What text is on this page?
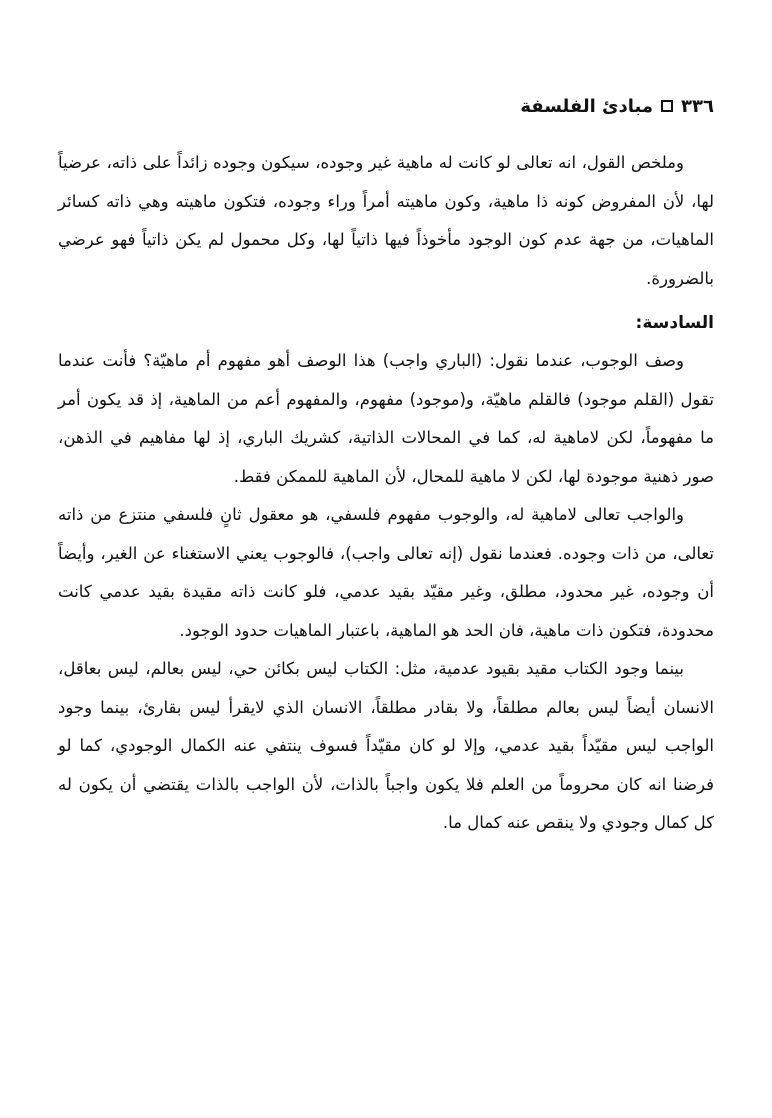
٣٣٦
مبادئ الفلسفة

وملخص القول، انه تعالى لو كانت له ماهية غير وجوده، سيكون وجوده زائداً على ذاته، عرضياً لها، لأن المفروض كونه ذا ماهية، وكون ماهيته أمراً وراء وجوده، فتكون ماهيته وهي ذاته كسائر الماهيات، من جهة عدم كون الوجود مأخوذاً فيها ذاتياً لها، وكل محمول لم يكن ذاتياً فهو عرضي بالضرورة.

السادسة:

وصف الوجوب، عندما نقول: (الباري واجب) هذا الوصف أهو مفهوم أم ماهيّة؟ فأنت عندما تقول (القلم موجود) فالقلم ماهيّة، و(موجود) مفهوم، والمفهوم أعم من الماهية، إذ قد يكون أمر ما مفهوماً، لكن لاماهية له، كما في المحالات الذاتية، كشريك الباري، إذ لها مفاهيم في الذهن، صور ذهنية موجودة لها، لكن لا ماهية للمحال، لأن الماهية للممكن فقط.

والواجب تعالى لاماهية له، والوجوب مفهوم فلسفي، هو معقول ثانٍ فلسفي منتزع من ذاته تعالى، من ذات وجوده. فعندما نقول (إنه تعالى واجب)، فالوجوب يعني الاستغناء عن الغير، وأيضاً أن وجوده، غير محدود، مطلق، وغير مقيّد بقيد عدمي، فلو كانت ذاته مقيدة بقيد عدمي كانت محدودة، فتكون ذات ماهية، فان الحد هو الماهية، باعتبار الماهيات حدود الوجود.

بينما وجود الكتاب مقيد بقيود عدمية، مثل: الكتاب ليس بكائن حي، ليس بعالم، ليس بعاقل، الانسان أيضاً ليس بعالم مطلقاً، ولا بقادر مطلقاً، الانسان الذي لايقرأ ليس بقارئ، بينما وجود الواجب ليس مقيّداً بقيد عدمي، وإلا لو كان مقيّداً فسوف ينتفي عنه الكمال الوجودي، كما لو فرضنا انه كان محروماً من العلم فلا يكون واجباً بالذات، لأن الواجب بالذات يقتضي أن يكون له كل كمال وجودي ولا ينقص عنه كمال ما.
